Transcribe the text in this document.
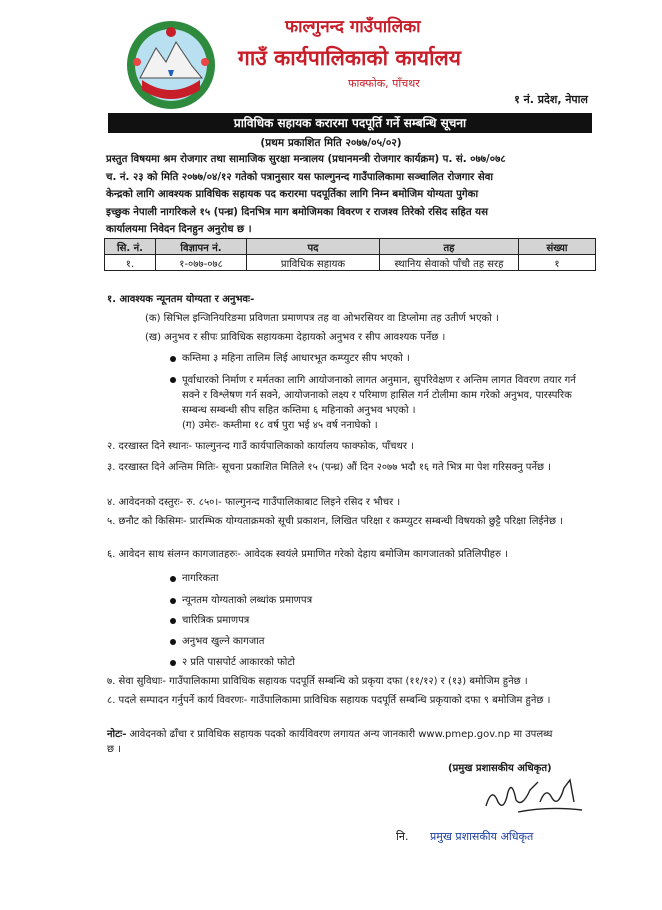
फाल्गुनन्द गाउँपालिका
गाउँ कार्यपालिकाको कार्यालय
फाक्फोक, पाँचथर
१ नं. प्रदेश, नेपाल
प्राविधिक सहायक करारमा पदपूर्ति गर्ने सम्बन्धि सूचना
(प्रथम प्रकाशित मिति २०७७/०५/०२)
प्रस्तुत विषयमा श्रम रोजगार तथा सामाजिक सुरक्षा मन्त्रालय (प्रधानमन्त्री रोजगार कार्यक्रम) प. सं. ०७७/०७८
च. नं. २३ को मिति २०७७/०४/१२ गतेको पत्रानुसार यस फाल्गुनन्द गाउँपालिकामा सञ्चालित रोजगार सेवा
केन्द्रको लागि आवश्यक प्राविधिक सहायक पद करारमा पदपूर्तिका लागि निम्न बमोजिम योग्यता पुगेका
इच्छुक नेपाली नागरिकले १५ (पन्ध्र) दिनभित्र माग बमोजिमका विवरण र राजश्व तिरेको रसिद सहित यस
कार्यालयमा निवेदन दिनहुन अनुरोध छ ।
सि. नं.	विज्ञापन नं.	पद	तह	संख्या
१.	१-०७७-०७८	प्राविधिक सहायक	स्थानिय सेवाको पाँचौ तह सरह	१
१. आवश्यक न्यूनतम योग्यता र अनुभवः-
(क) सिभिल इन्जिनियरिङमा प्रविणता प्रमाणपत्र तह वा ओभरसियर वा डिप्लोमा तह उतीर्ण भएको ।
(ख) अनुभव र सीपः प्राविधिक सहायकमा देहायको अनुभव र सीप आवश्यक पर्नेछ ।
कम्तिमा ३ महिना तालिम लिई आधारभूत कम्प्युटर सीप भएको ।
पूर्वाधारको निर्माण र मर्मतका लागि आयोजनाको लागत अनुमान, सुपरिवेक्षण र अन्तिम लागत विवरण तयार गर्न सक्ने र विश्लेषण गर्न सक्ने, आयोजनाको लक्ष्य र परिमाण हासिल गर्न टोलीमा काम गरेको अनुभव, पारस्परिक सम्बन्ध सम्बन्धी सीप सहित कम्तिमा ६ महिनाको अनुभव भएको ।
(ग) उमेरः- कम्तीमा १८ वर्ष पुरा भई ४५ वर्ष ननाघेको ।
२. दरखास्त दिने स्थानः- फाल्गुनन्द गाउँ कार्यपालिकाको कार्यालय फाक्फोक, पाँचथर ।
३. दरखास्त दिने अन्तिम मितिः- सूचना प्रकाशित मितिले १५ (पन्ध्र) औं दिन २०७७ भदौ १६ गते भित्र मा पेश गरिसक्नु पर्नेछ ।
४. आवेदनको दस्तुरः- रु. ८५०।- फाल्गुनन्द गाउँपालिकाबाट लिइने रसिद र भौचर ।
५. छनौट को किसिमः- प्रारम्भिक योग्यताक्रमको सूची प्रकाशन, लिखित परिक्षा र कम्प्युटर सम्बन्धी विषयको छुट्टै परिक्षा लिईनेछ ।
६. आवेदन साथ संलग्न कागजातहरुः- आवेदक स्वयंले प्रमाणित गरेको देहाय बमोजिम कागजातको प्रतिलिपीहरु ।
नागरिकता
न्यूनतम योग्यताको लब्धांक प्रमाणपत्र
चारित्रिक प्रमाणपत्र
अनुभव खुल्ने कागजात
२ प्रति पासपोर्ट आकारको फोटो
७. सेवा सुविधाः- गाउँपालिकामा प्राविधिक सहायक पदपूर्ति सम्बन्धि को प्रकृया दफा (११/१२) र (१३) बमोजिम हुनेछ ।
८. पदले सम्पादन गर्नुपर्ने कार्य विवरणः- गाउँपालिकामा प्राविधिक सहायक पदपूर्ति सम्बन्धि प्रकृयाको दफा ९ बमोजिम हुनेछ ।
नोटः- आवेदनको ढाँचा र प्राविधिक सहायक पदको कार्यविवरण लगायत अन्य जानकारी www.pmep.gov.np मा उपलब्ध छ ।
(प्रमुख प्रशासकीय अधिकृत)
नि. प्रमुख प्रशासकीय अधिकृत
